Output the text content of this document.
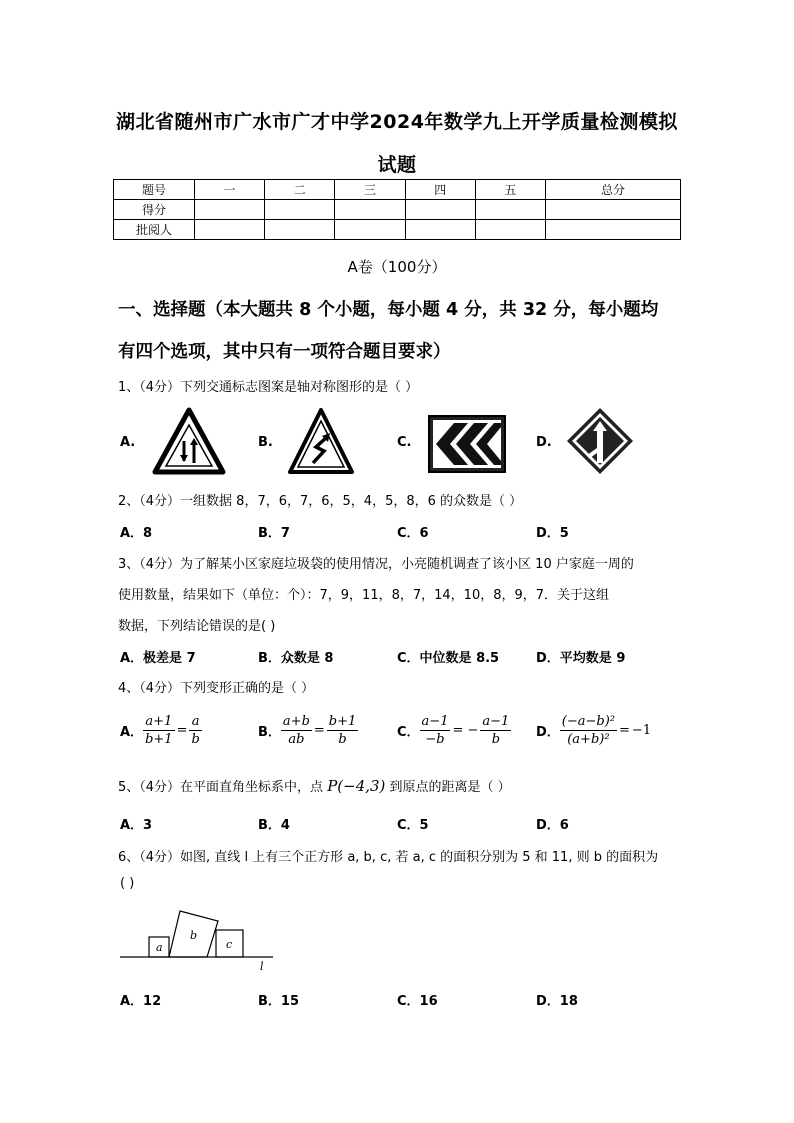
湖北省随州市广水市广才中学2024年数学九上开学质量检测模拟
试题
题号	一	二	三	四	五	总分
得分						
批阅人						
A卷（100分）
一、选择题（本大题共 8 个小题，每小题 4 分，共 32 分，每小题均
有四个选项，其中只有一项符合题目要求）
1、（4分）下列交通标志图案是轴对称图形的是（ ）
A.	B.	C.	D.
2、（4分）一组数据 8，7，6，7，6，5，4，5，8，6 的众数是（ ）
A．8	B．7	C．6	D．5
3、（4分）为了解某小区家庭垃圾袋的使用情况，小亮随机调查了该小区 10 户家庭一周的
使用数量，结果如下（单位：个）：7，9，11，8，7，14，10，8，9，7．关于这组
数据，下列结论错误的是( )
A．极差是 7	B．众数是 8	C．中位数是 8.5	D．平均数是 9
4、（4分）下列变形正确的是（ ）
A． $\frac{a+1}{b+1} = \frac{a}{b}$	B． $\frac{a+b}{ab} = \frac{b+1}{b}$	C． $\frac{a-1}{-b}$ = − $\frac{a-1}{b}$ D． $\frac{\text{(−a−b)²}}{\text{(a+b)²}} = -1$
5、（4分）在平面直角坐标系中，点 P(−4,3) 到原点的距离是（ ）
A．3	B．4	C．5	D．6
6、（4分）如图, 直线 l 上有三个正方形 a, b, c, 若 a, c 的面积分别为 5 和 11, 则 b 的面积为
( )
a
b
c
l
A．12	B．15	C．16	D．18
